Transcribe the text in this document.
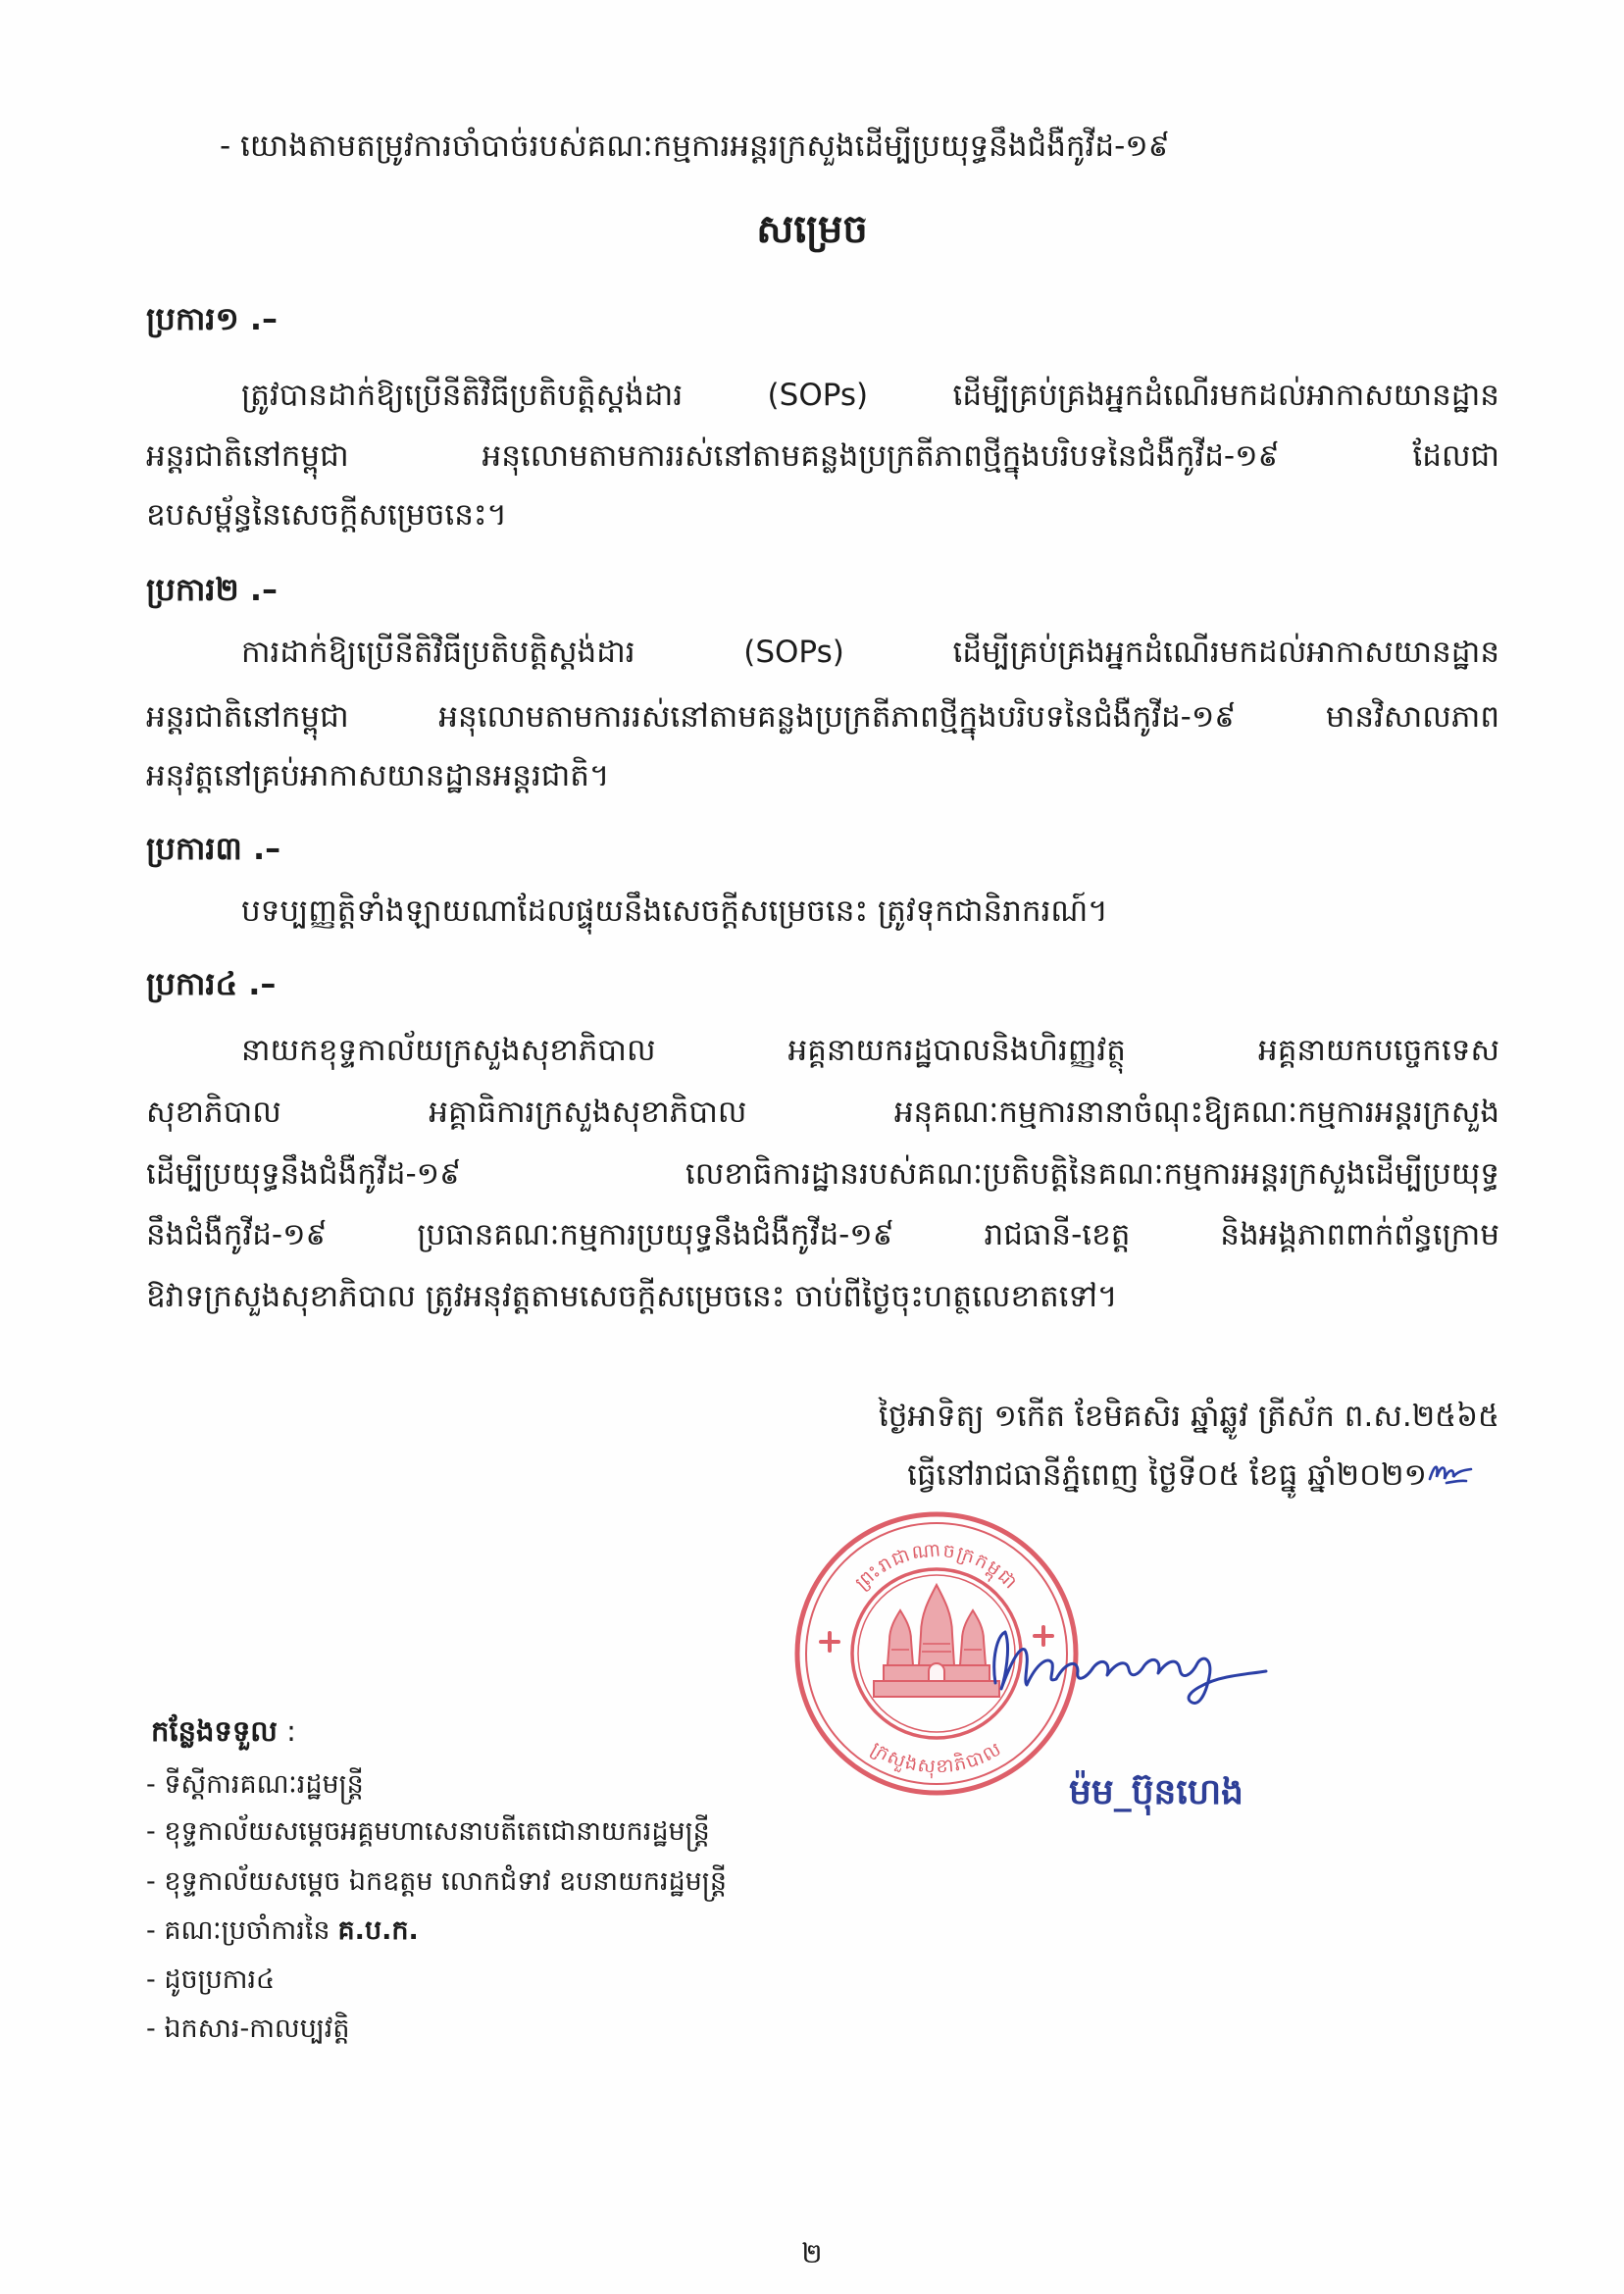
- យោងតាមតម្រូវការចាំបាច់របស់គណៈកម្មការអន្តរក្រសួងដើម្បីប្រយុទ្ធនឹងជំងឺកូវីដ-១៩
សម្រេច
ប្រការ១ .–
ត្រូវបានដាក់ឱ្យប្រើនីតិវិធីប្រតិបត្តិស្តង់ដារ (SOPs) ដើម្បីគ្រប់គ្រងអ្នកដំណើរមកដល់អាកាសយានដ្ឋាន
អន្តរជាតិនៅកម្ពុជា អនុលោមតាមការរស់នៅតាមគន្លងប្រក្រតីភាពថ្មីក្នុងបរិបទនៃជំងឺកូវីដ-១៩ ដែលជា
ឧបសម្ព័ន្ធនៃសេចក្តីសម្រេចនេះ។
ប្រការ២ .–
ការដាក់ឱ្យប្រើនីតិវិធីប្រតិបត្តិស្តង់ដារ (SOPs) ដើម្បីគ្រប់គ្រងអ្នកដំណើរមកដល់អាកាសយានដ្ឋាន
អន្តរជាតិនៅកម្ពុជា អនុលោមតាមការរស់នៅតាមគន្លងប្រក្រតីភាពថ្មីក្នុងបរិបទនៃជំងឺកូវីដ-១៩ មានវិសាលភាព
អនុវត្តនៅគ្រប់អាកាសយានដ្ឋានអន្តរជាតិ។
ប្រការ៣ .–
បទប្បញ្ញត្តិទាំងឡាយណាដែលផ្ទុយនឹងសេចក្តីសម្រេចនេះ ត្រូវទុកជានិរាករណ៍។
ប្រការ៤ .–
នាយកខុទ្ទកាល័យក្រសួងសុខាភិបាល អគ្គនាយករដ្ឋបាលនិងហិរញ្ញវត្ថុ អគ្គនាយកបច្ចេកទេស
សុខាភិបាល អគ្គាធិការក្រសួងសុខាភិបាល អនុគណៈកម្មការនានាចំណុះឱ្យគណៈកម្មការអន្តរក្រសួង
ដើម្បីប្រយុទ្ធនឹងជំងឺកូវីដ-១៩ លេខាធិការដ្ឋានរបស់គណៈប្រតិបត្តិនៃគណៈកម្មការអន្តរក្រសួងដើម្បីប្រយុទ្ធ
នឹងជំងឺកូវីដ-១៩ ប្រធានគណៈកម្មការប្រយុទ្ធនឹងជំងឺកូវីដ-១៩ រាជធានី-ខេត្ត និងអង្គភាពពាក់ព័ន្ធក្រោម
ឱវាទក្រសួងសុខាភិបាល ត្រូវអនុវត្តតាមសេចក្តីសម្រេចនេះ ចាប់ពីថ្ងៃចុះហត្ថលេខាតទៅ។
ថ្ងៃអាទិត្យ ១កើត ខែមិគសិរ ឆ្នាំឆ្លូវ ត្រីស័ក ព.ស.២៥៦៥
ធ្វើនៅរាជធានីភ្នំពេញ ថ្ងៃទី០៥ ខែធ្នូ ឆ្នាំ២០២១
ព្រះរាជាណាចក្រកម្ពុជា
ក្រសួងសុខាភិបាល
ម៉ម_ប៊ុនហេង
កន្លែងទទួល :
- ទីស្តីការគណៈរដ្ឋមន្ត្រី
- ខុទ្ទកាល័យសម្តេចអគ្គមហាសេនាបតីតេជោនាយករដ្ឋមន្ត្រី
- ខុទ្ទកាល័យសម្តេច ឯកឧត្តម លោកជំទាវ ឧបនាយករដ្ឋមន្ត្រី
- គណៈប្រចាំការនៃ គ.ប.ក.
- ដូចប្រការ៤
- ឯកសារ-កាលប្បវត្តិ
២
